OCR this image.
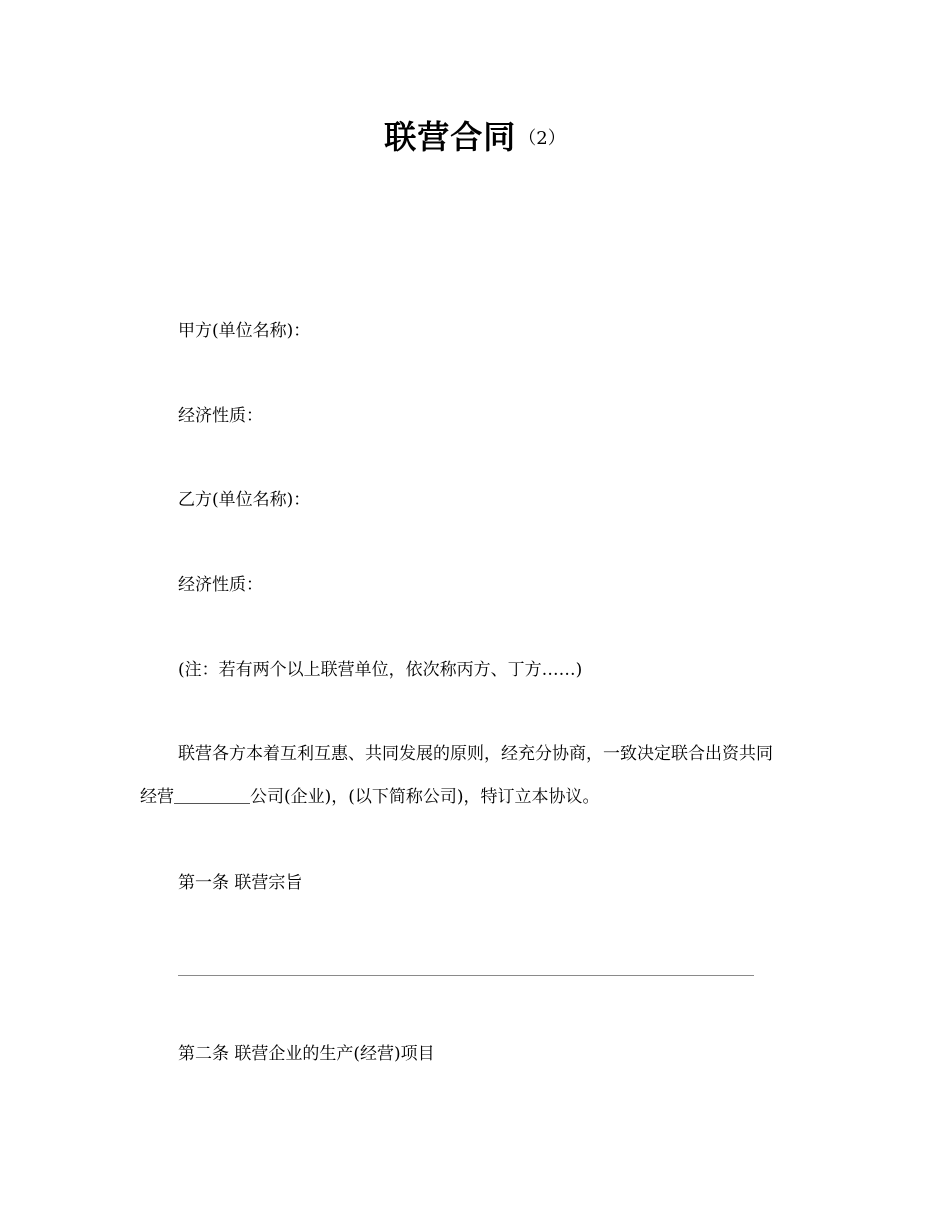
联营合同 （2）
甲方(单位名称)：
经济性质：
乙方(单位名称)：
经济性质：
(注：若有两个以上联营单位，依次称丙方、丁方……)
联营各方本着互利互惠、共同发展的原则，经充分协商，一致决定联合出资共同
经营	公司(企业)，(以下简称公司)，特订立本协议。
第一条 联营宗旨
第二条 联营企业的生产(经营)项目
